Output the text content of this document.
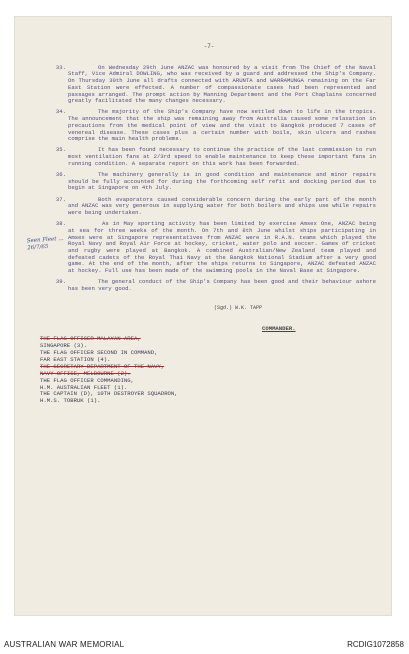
Seen Fleet ... 26/7/65
-7-
33.	On Wednesday 29th June ANZAC was honoured by a visit from The Chief of the Naval Staff, Vice Admiral DOWLING, who was received by a guard and addressed the Ship's Company. On Thursday 30th June all drafts connected with ARUNTA and WARRAMUNGA remaining on the Far East Station were effected. A number of compassionate cases had been represented and passages arranged. The prompt action by Manning Department and the Port Chaplains concerned greatly facilitated the many changes necessary.
34.	The majority of the Ship's Company have now settled down to life in the tropics. The announcement that the ship was remaining away from Australia caused some relaxation in precautions from the medical point of view and the visit to Bangkok produced 7 cases of venereal disease. These cases plus a certain number with boils, skin ulcers and rashes comprise the main health problems.
35.	It has been found necessary to continue the practice of the last commission to run most ventilation fans at 2/3rd speed to enable maintenance to keep these important fans in running condition. A separate report on this work has been forwarded.
36.	The machinery generally is in good condition and maintenance and minor repairs should be fully accounted for during the forthcoming self refit and docking period due to begin at Singapore on 4th July.
37.	Both evaporators caused considerable concern during the early part of the month and ANZAC was very generous in supplying water for both boilers and ships use while repairs were being undertaken.
38.	As in May sporting activity has been limited by exercise Amsex One, ANZAC being at sea for three weeks of the month. On 7th and 8th June whilst ships participating in Amsex were at Singapore representatives from ANZAC were in R.A.N. teams which played the Royal Navy and Royal Air Force at hockey, cricket, water polo and soccer. Games of cricket and rugby were played at Bangkok. A combined Australian/New Zealand team played and defeated cadets of the Royal Thai Navy at the Bangkok National Stadium after a very good game. At the end of the month, after the ships returns to Singapore, ANZAC defeated ANZAC at hockey. Full use has been made of the swimming pools in the Naval Base at Singapore.
39.	The general conduct of the Ship's Company has been good and their behaviour ashore has been very good.
(Sgd.) W.K. TAPP
COMMANDER.
THE FLAG OFFICER MALAYAN AREA,
SINGAPORE (3).
THE FLAG OFFICER SECOND IN COMMAND,
FAR EAST STATION (4).
THE SECRETARY DEPARTMENT OF THE NAVY,
NAVY OFFICE, MELBOURNE (2).
THE FLAG OFFICER COMMANDING,
H.M. AUSTRALIAN FLEET (1).
THE CAPTAIN (D), 10TH DESTROYER SQUADRON,
H.M.S. TOBRUK (1).
AUSTRALIAN WAR MEMORIAL	RCDIG1072858
